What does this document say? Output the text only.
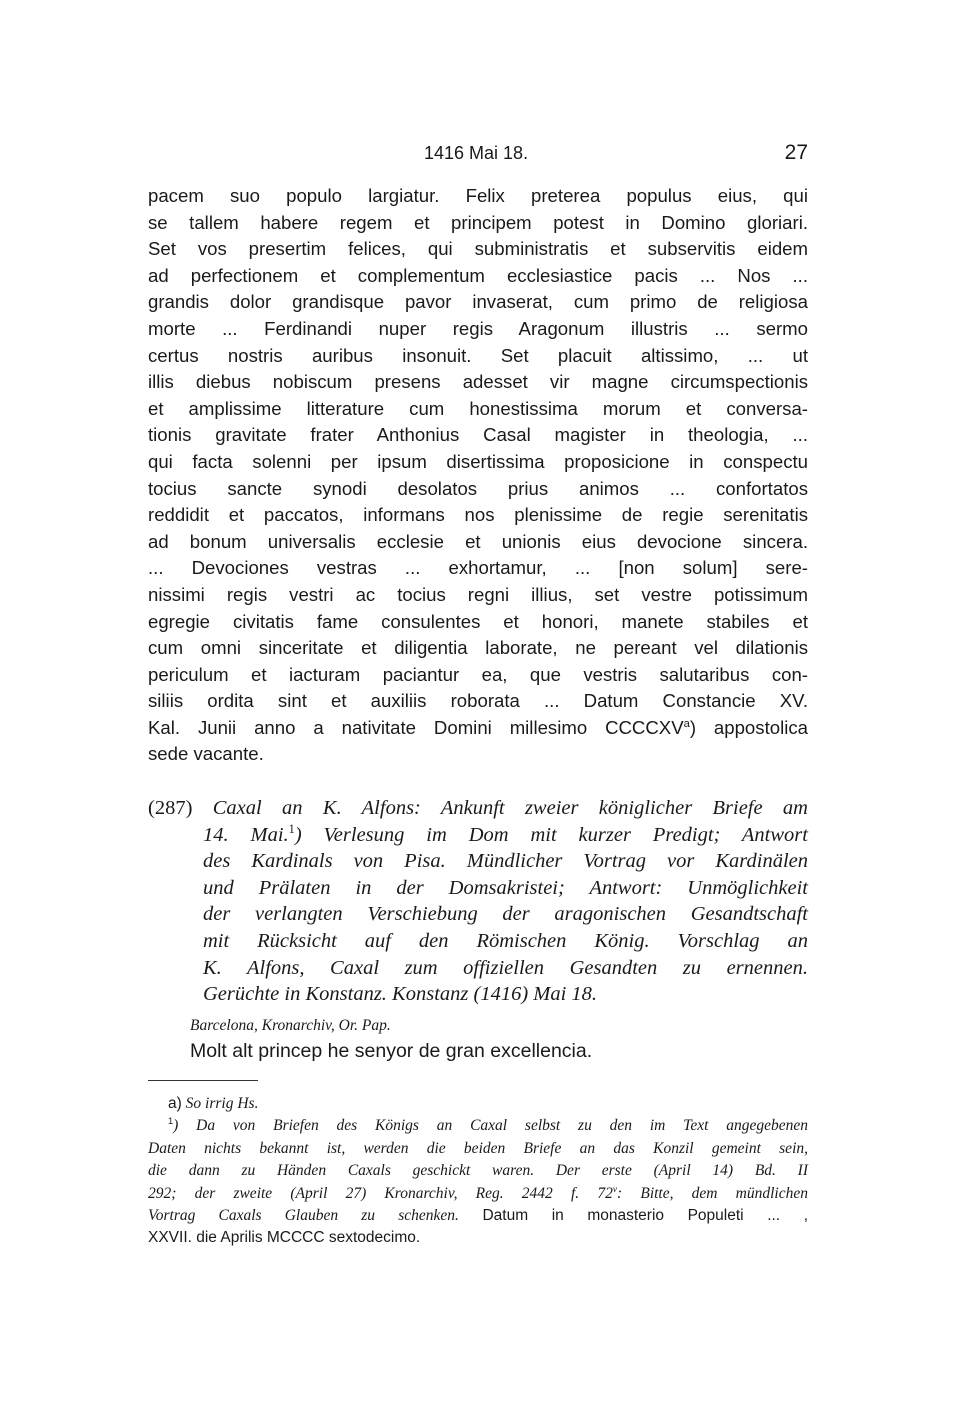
1416 Mai 18.	27
pacem suo populo largiatur. Felix preterea populus eius, qui
se tallem habere regem et principem potest in Domino gloriari.
Set vos presertim felices, qui subministratis et subservitis eidem
ad perfectionem et complementum ecclesiastice pacis ... Nos ...
grandis dolor grandisque pavor invaserat, cum primo de religiosa
morte ... Ferdinandi nuper regis Aragonum illustris ... sermo
certus nostris auribus insonuit. Set placuit altissimo, ... ut
illis diebus nobiscum presens adesset vir magne circumspectionis
et amplissime litterature cum honestissima morum et conversa-
tionis gravitate frater Anthonius Casal magister in theologia, ...
qui facta solenni per ipsum disertissima proposicione in conspectu
tocius sancte synodi desolatos prius animos ... confortatos
reddidit et paccatos, informans nos plenissime de regie serenitatis
ad bonum universalis ecclesie et unionis eius devocione sincera.
... Devociones vestras ... exhortamur, ... [non solum] sere-
nissimi regis vestri ac tocius regni illius, set vestre potissimum
egregie civitatis fame consulentes et honori, manete stabiles et
cum omni sinceritate et diligentia laborate, ne pereant vel dilationis
periculum et iacturam paciantur ea, que vestris salutaribus con-
siliis ordita sint et auxiliis roborata ... Datum Constancie XV.
Kal. Junii anno a nativitate Domini millesimo CCCCXV$^a$) appostolica
sede vacante.
(287) Caxal an K. Alfons: Ankunft zweier königlicher Briefe am
14. Mai.$^1$) Verlesung im Dom mit kurzer Predigt; Antwort
des Kardinals von Pisa. Mündlicher Vortrag vor Kardinälen
und Prälaten in der Domsakristei; Antwort: Unmöglichkeit
der verlangten Verschiebung der aragonischen Gesandtschaft
mit Rücksicht auf den Römischen König. Vorschlag an
K. Alfons, Caxal zum offiziellen Gesandten zu ernennen.
Gerüchte in Konstanz. Konstanz (1416) Mai 18.
Barcelona, Kronarchiv, Or. Pap.
Molt alt princep he senyor de gran excellencia.
a) So irrig Hs.
$^1$) Da von Briefen des Königs an Caxal selbst zu den im Text angegebenen
Daten nichts bekannt ist, werden die beiden Briefe an das Konzil gemeint sein,
die dann zu Händen Caxals geschickt waren. Der erste (April 14) Bd. II
292; der zweite (April 27) Kronarchiv, Reg. 2442 f. 72$^v$: Bitte, dem mündlichen
Vortrag Caxals Glauben zu schenken. Datum in monasterio Populeti ... ,
XXVII. die Aprilis MCCCC sextodecimo.
